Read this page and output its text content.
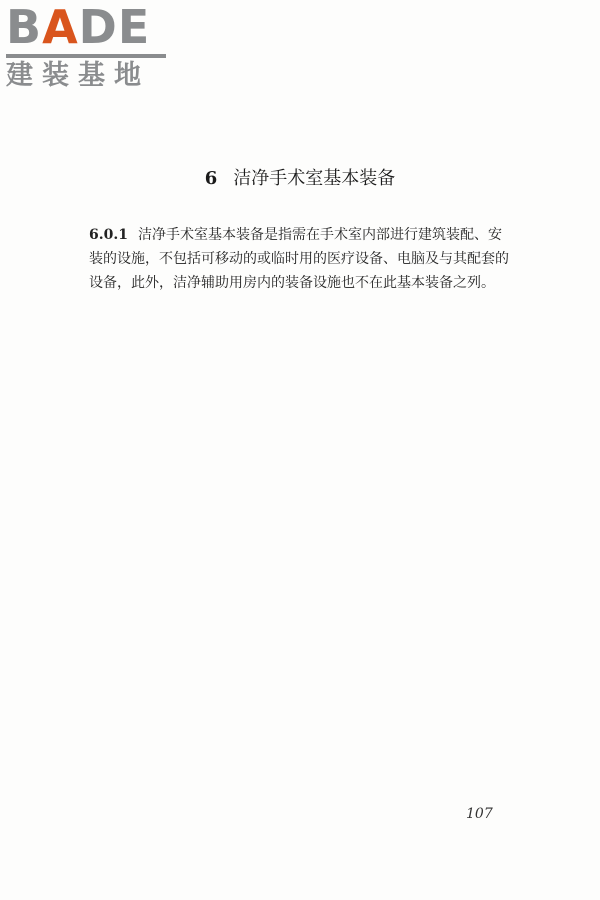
BADE
建装基地
6 洁净手术室基本装备
6.0.1 洁净手术室基本装备是指需在手术室内部进行建筑装配、安装的设施，不包括可移动的或临时用的医疗设备、电脑及与其配套的设备，此外，洁净辅助用房内的装备设施也不在此基本装备之列。
107
